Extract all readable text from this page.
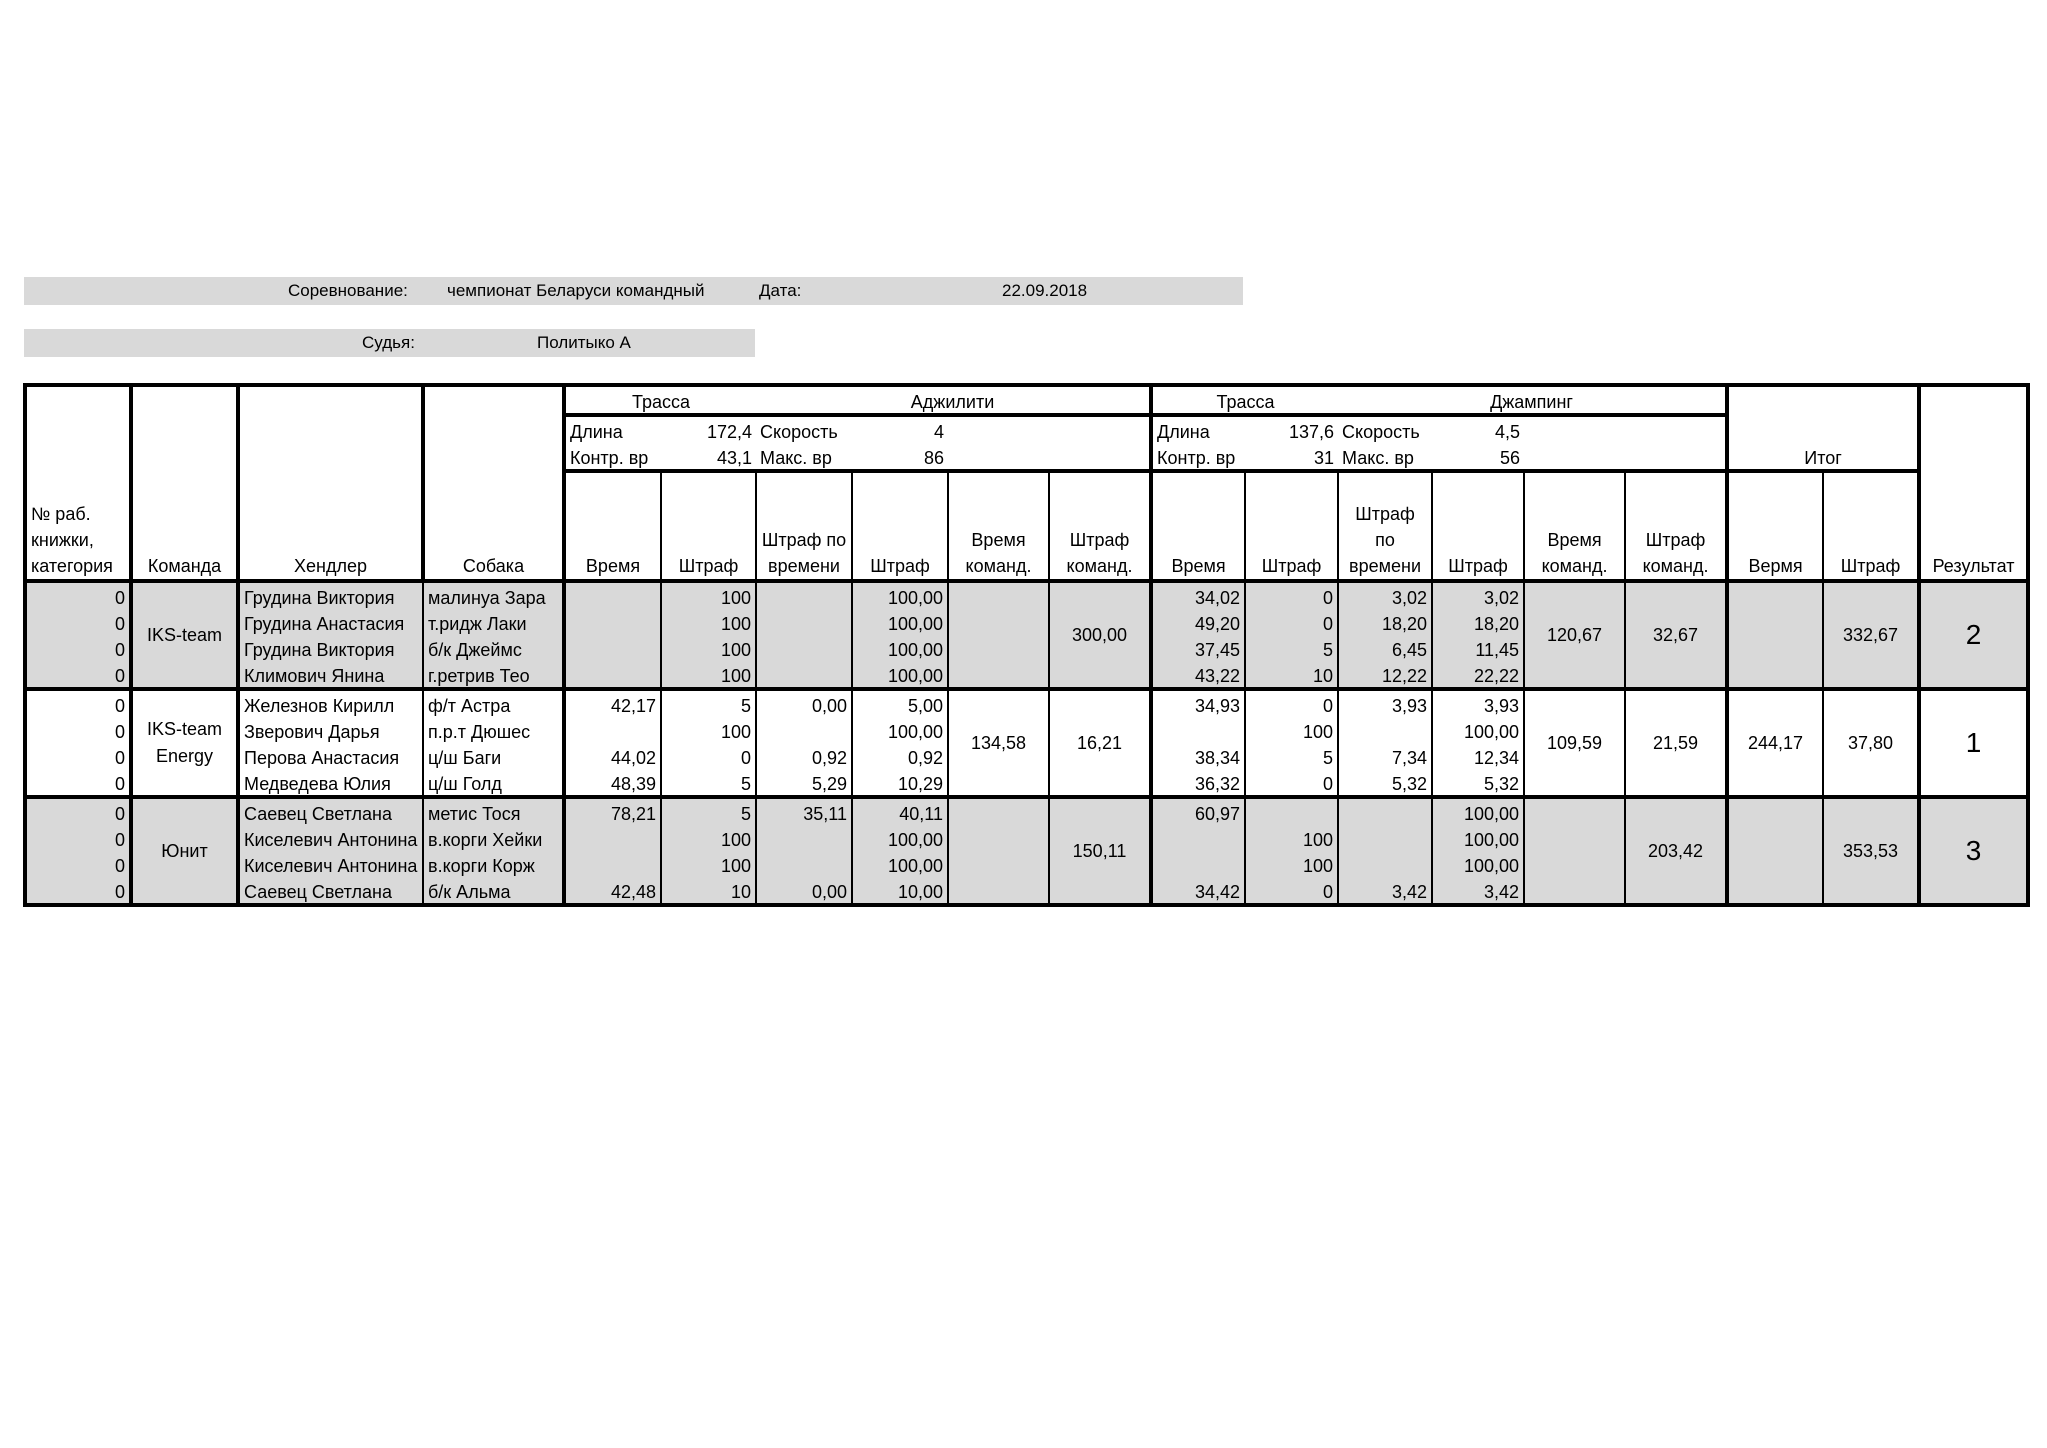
Соревнование: чемпионат Беларуси командный	Дата:	22.09.2018
Судья:	Политыко А
№ раб. книжки, категория	Команда	Хендлер	Собака	Трасса		Аджилити				Трасса		Джампинг				Итог		Результат

				Длина	172,4	Скорость	4			Длина	137,6	Скорость	4,5					
				Контр. вр	43,1	Макс. вр	86			Контр. вр	31	Макс. вр	56					

				Время	Штраф	Штраф по времени	Штраф	Время команд.	Штраф команд.	Время	Штраф	Штраф по времени	Штраф	Время команд.	Штраф команд.	Вермя	Штраф	

0	IKS-team	Грудина Виктория	малинуа Зара		100		100,00		300,00	34,02	0	3,02	3,02	120,67	32,67		332,67	2
0		Грудина Анастасия	т.ридж Лаки		100		100,00			49,20	0	18,20	18,20					
0		Грудина Виктория	б/к Джеймс		100		100,00			37,45	5	6,45	11,45					
0		Климович Янина	г.ретрив Тео		100		100,00			43,22	10	12,22	22,22					
0	IKS-team
Energy	Железнов Кирилл	ф/т Астра	42,17	5	0,00	5,00	134,58	16,21	34,93	0	3,93	3,93	109,59	21,59	244,17	37,80	1
0		Зверович Дарья	п.р.т Дюшес		100		100,00				100		100,00					
0		Перова Анастасия	ц/ш Баги	44,02	0	0,92	0,92			38,34	5	7,34	12,34					
0		Медведева Юлия	ц/ш Голд	48,39	5	5,29	10,29			36,32	0	5,32	5,32					
0	Юнит	Саевец Светлана	метис Тося	78,21	5	35,11	40,11		150,11	60,97			100,00		203,42		353,53	3
0		Киселевич Антонина	в.корги Хейки		100		100,00				100		100,00					
0		Киселевич Антонина	в.корги Корж		100		100,00				100		100,00					
0		Саевец Светлана	б/к Альма	42,48	10	0,00	10,00			34,42	0	3,42	3,42					
